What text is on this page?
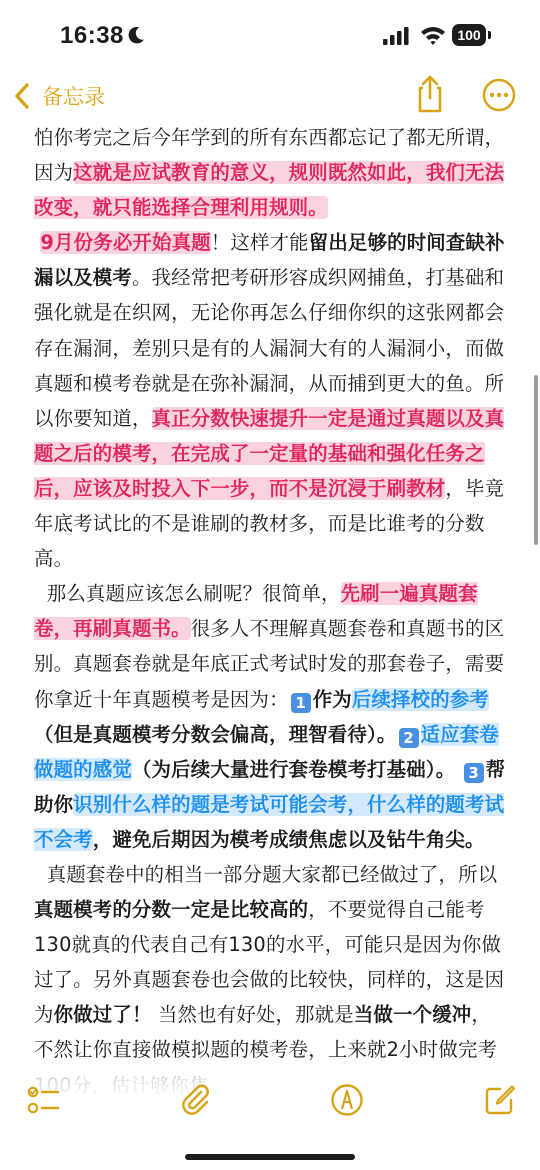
16:38	100
备忘录

怕你考完之后今年学到的所有东西都忘记了都无所谓，因为这就是应试教育的意义，规则既然如此，我们无法改变，就只能选择合理利用规则。

9月份务必开始真题！这样才能留出足够的时间查缺补漏以及模考。我经常把考研形容成织网捕鱼，打基础和强化就是在织网，无论你再怎么仔细你织的这张网都会存在漏洞，差别只是有的人漏洞大有的人漏洞小，而做真题和模考卷就是在弥补漏洞，从而捕到更大的鱼。所以你要知道，真正分数快速提升一定是通过真题以及真题之后的模考，在完成了一定量的基础和强化任务之后，应该及时投入下一步，而不是沉浸于刷教材，毕竟年底考试比的不是谁刷的教材多，而是比谁考的分数高。

那么真题应该怎么刷呢？很简单，先刷一遍真题套卷，再刷真题书。很多人不理解真题套卷和真题书的区别。真题套卷就是年底正式考试时发的那套卷子，需要你拿近十年真题模考是因为： 1 作为后续择校的参考（但是真题模考分数会偏高，理智看待）。 2 适应套卷做题的感觉（为后续大量进行套卷模考打基础）。 3 帮助你识别什么样的题是考试可能会考，什么样的题考试不会考，避免后期因为模考成绩焦虑以及钻牛角尖。

真题套卷中的相当一部分题大家都已经做过了，所以真题模考的分数一定是比较高的，不要觉得自己能考130就真的代表自己有130的水平，可能只是因为你做过了。另外真题套卷也会做的比较快，同样的，这是因为你做过了！ 当然也有好处，那就是当做一个缓冲，不然让你直接做模拟题的模考卷，上来就2小时做完考
